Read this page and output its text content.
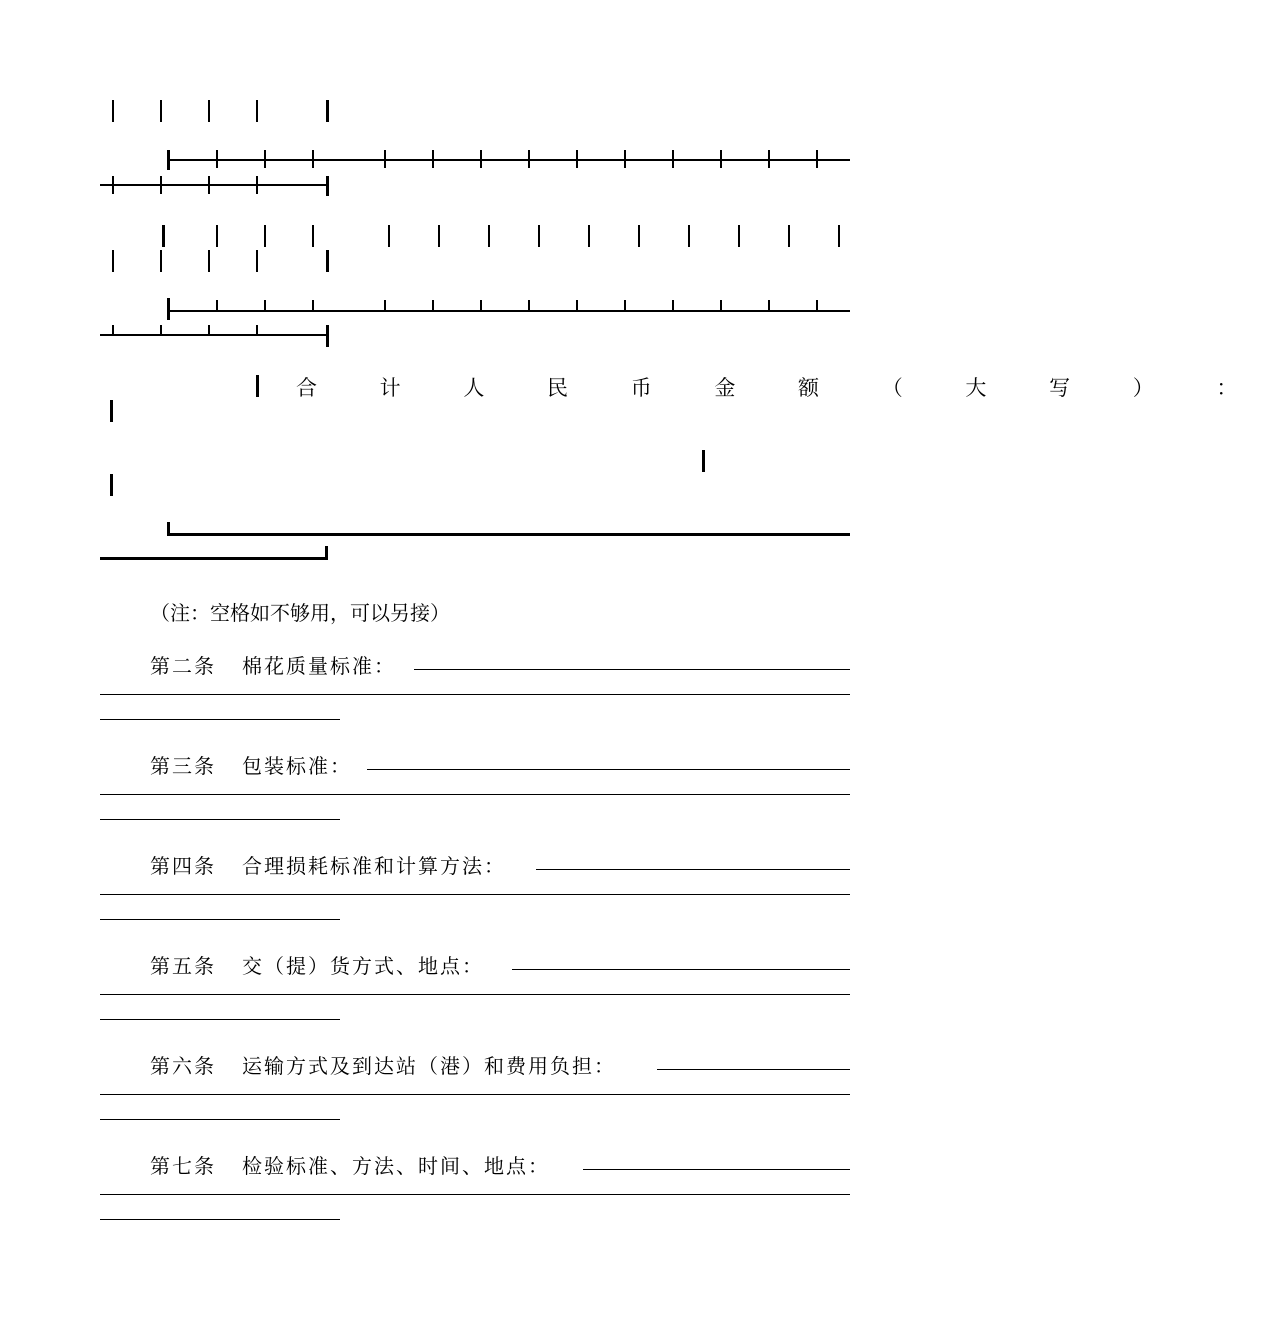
合 计 人 民 币 金 额 （ 大 写 ） ：
（注：空格如不够用，可以另接）
第二条 棉花质量标准：
第三条 包装标准：
第四条 合理损耗标准和计算方法：
第五条 交（提）货方式、地点：
第六条 运输方式及到达站（港）和费用负担：
第七条 检验标准、方法、时间、地点：
